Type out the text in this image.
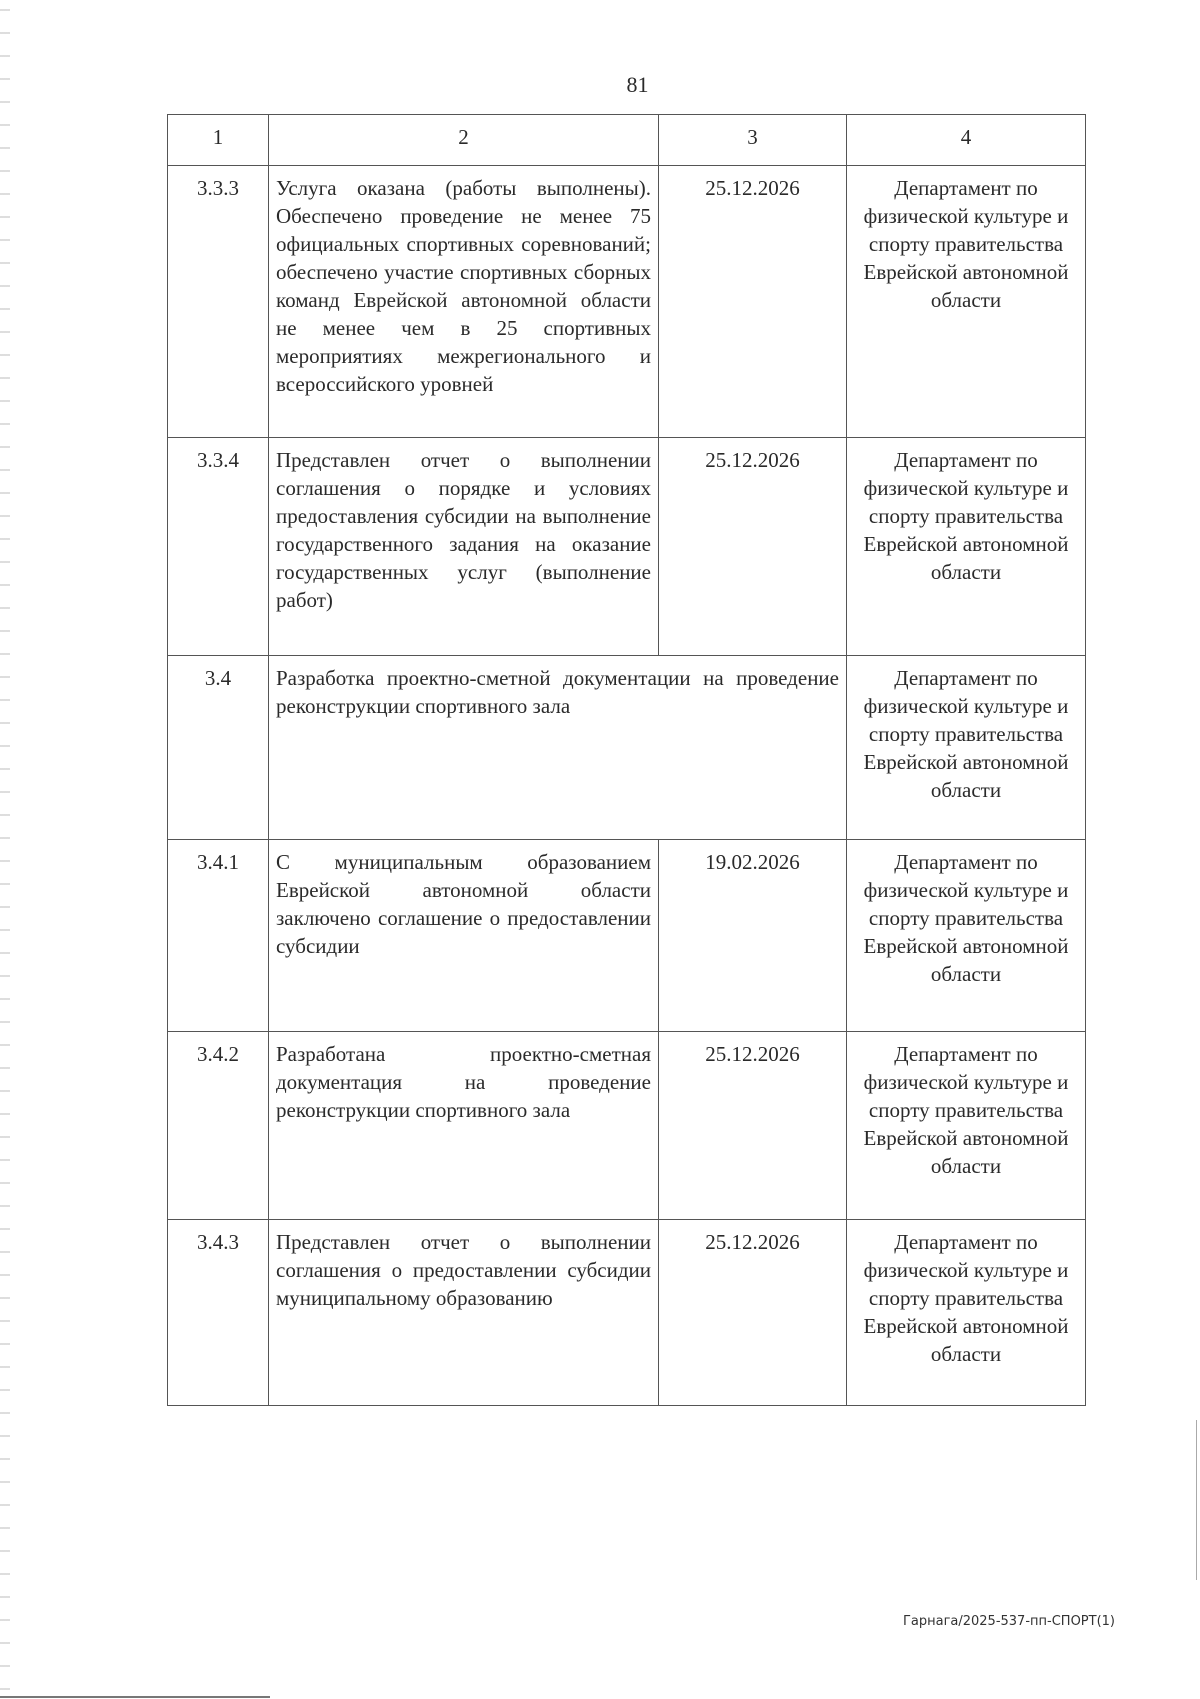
81
1	2	3	4
3.3.3	Услуга оказана (работы выполнены). Обеспечено проведение не менее 75 официальных спортивных соревнований; обеспечено участие спортивных сборных команд Еврейской автономной области не менее чем в 25 спортивных мероприятиях межрегионального и всероссийского уровней	25.12.2026	Департамент по физической культуре и спорту правительства Еврейской автономной области
3.3.4	Представлен отчет о выполнении соглашения о порядке и условиях предоставления субсидии на выполнение государственного задания на оказание государственных услуг (выполнение работ)	25.12.2026	Департамент по физической культуре и спорту правительства Еврейской автономной области
3.4	Разработка проектно-сметной документации на проведение реконструкции спортивного зала		Департамент по физической культуре и спорту правительства Еврейской автономной области
3.4.1	С муниципальным образованием Еврейской автономной области заключено соглашение о предоставлении субсидии	19.02.2026	Департамент по физической культуре и спорту правительства Еврейской автономной области
3.4.2	Разработана проектно-сметная документация на проведение реконструкции спортивного зала	25.12.2026	Департамент по физической культуре и спорту правительства Еврейской автономной области
3.4.3	Представлен отчет о выполнении соглашения о предоставлении субсидии муниципальному образованию	25.12.2026	Департамент по физической культуре и спорту правительства Еврейской автономной области
Гарнага/2025-537-пп-СПОРТ(1)
